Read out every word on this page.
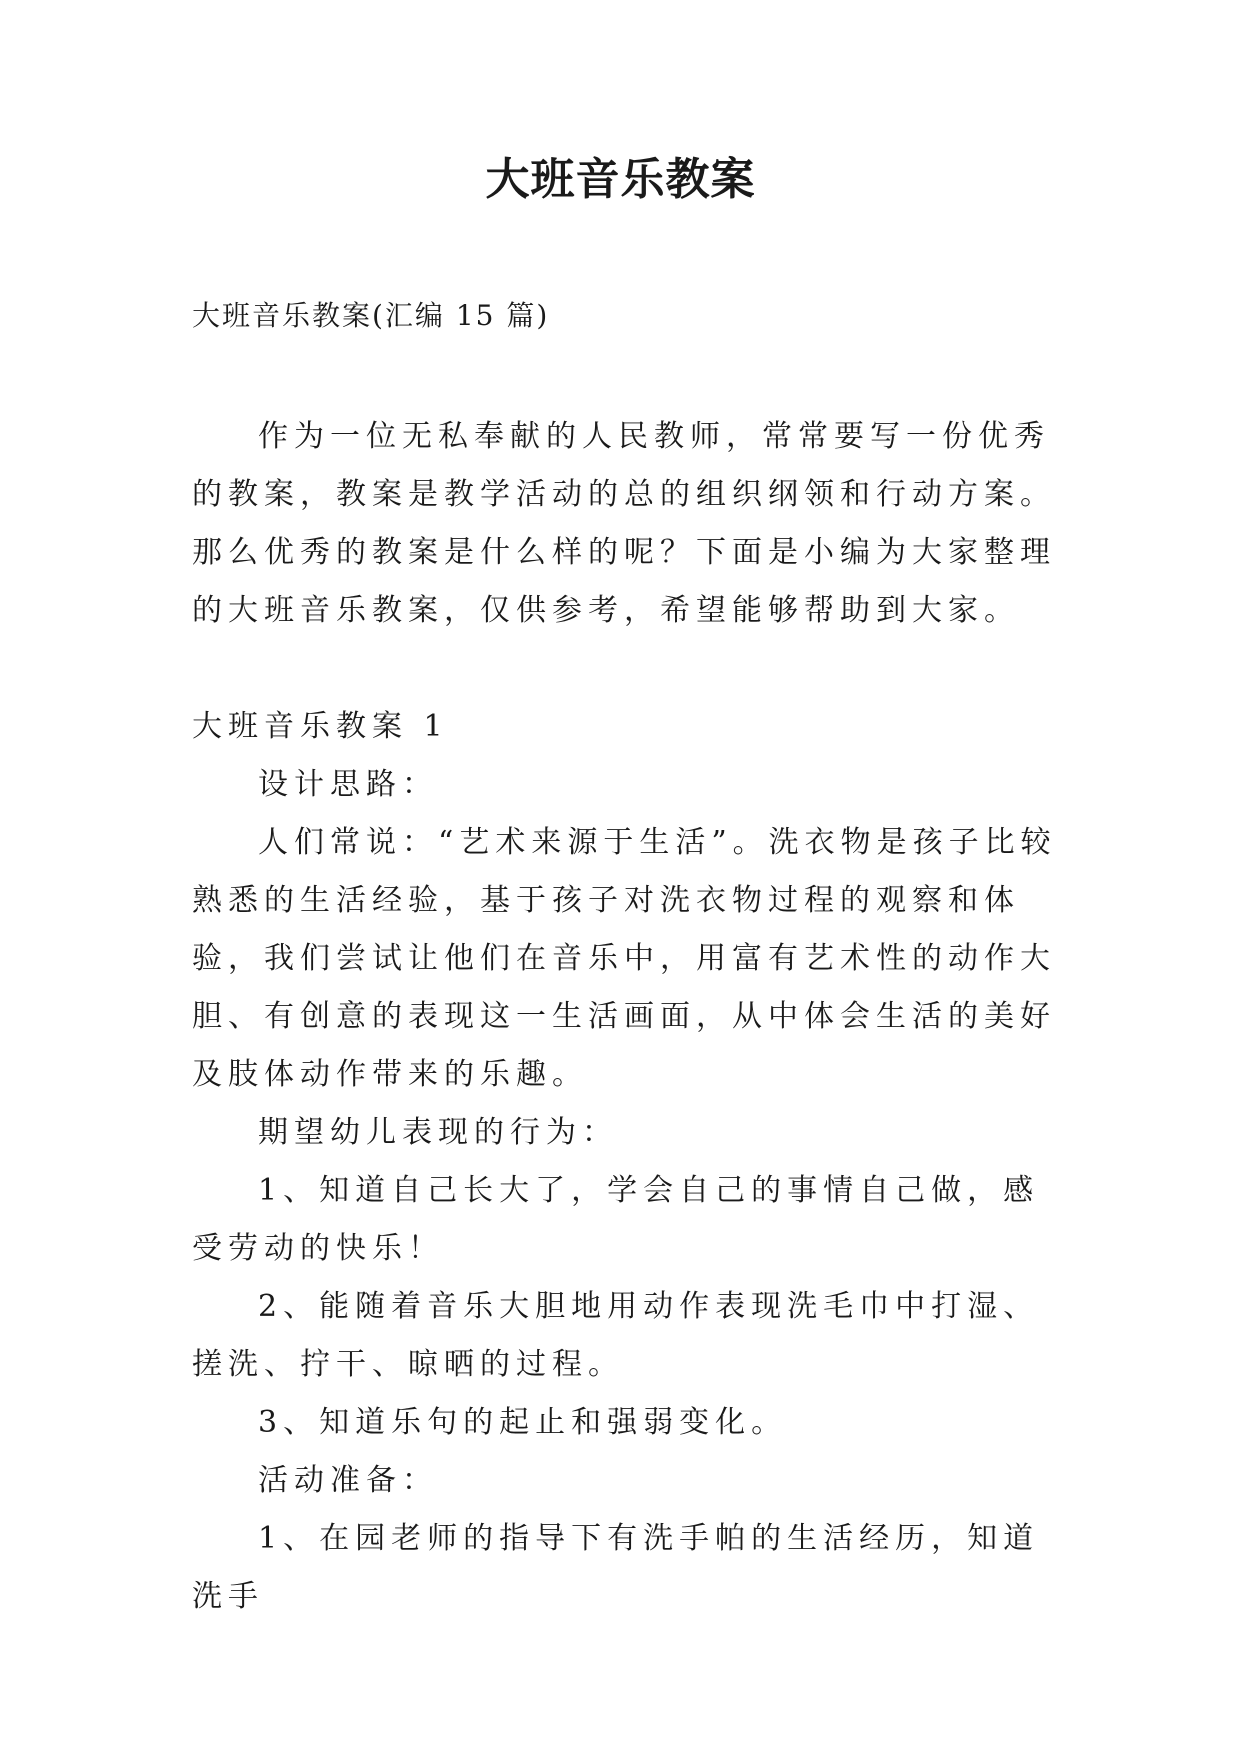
大班音乐教案
大班音乐教案(汇编 15 篇)

作为一位无私奉献的人民教师，常常要写一份优秀的教案，教案是教学活动的总的组织纲领和行动方案。那么优秀的教案是什么样的呢？下面是小编为大家整理的大班音乐教案，仅供参考，希望能够帮助到大家。

大班音乐教案 1

设计思路：

人们常说：“艺术来源于生活”。洗衣物是孩子比较熟悉的生活经验，基于孩子对洗衣物过程的观察和体验，我们尝试让他们在音乐中，用富有艺术性的动作大胆、有创意的表现这一生活画面，从中体会生活的美好及肢体动作带来的乐趣。

期望幼儿表现的行为：

1、知道自己长大了，学会自己的事情自己做，感受劳动的快乐！

2、能随着音乐大胆地用动作表现洗毛巾中打湿、搓洗、拧干、晾晒的过程。

3、知道乐句的起止和强弱变化。

活动准备：

1、在园老师的指导下有洗手帕的生活经历，知道洗手
